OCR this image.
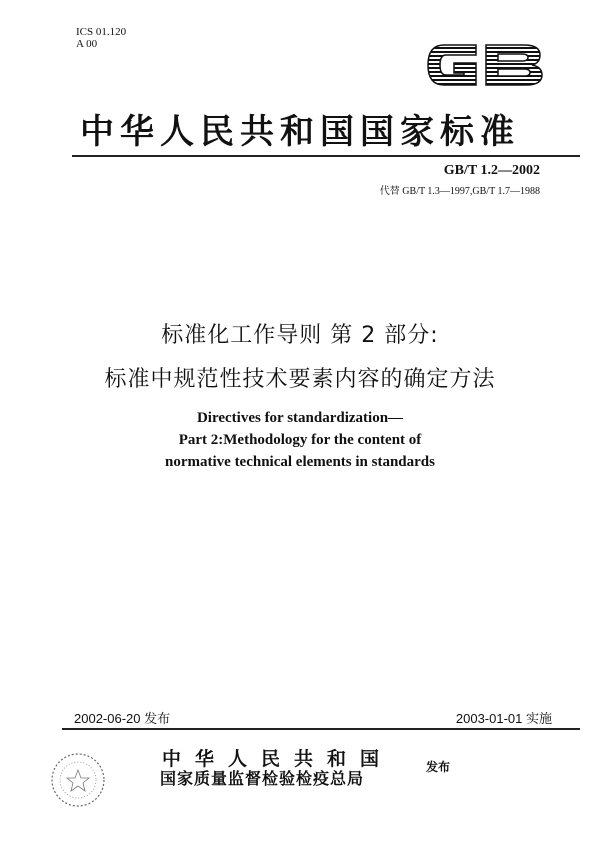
ICS 01.120
A 00
中华人民共和国国家标准
GB/T 1.2—2002
代替 GB/T 1.3—1997,GB/T 1.7—1988
标准化工作导则 第 2 部分:
标准中规范性技术要素内容的确定方法
Directives for standardization—
Part 2:Methodology for the content of
normative technical elements in standards
2002-06-20 发布	2003-01-01 实施
中华人民共和国
国家质量监督检验检疫总局
发布
